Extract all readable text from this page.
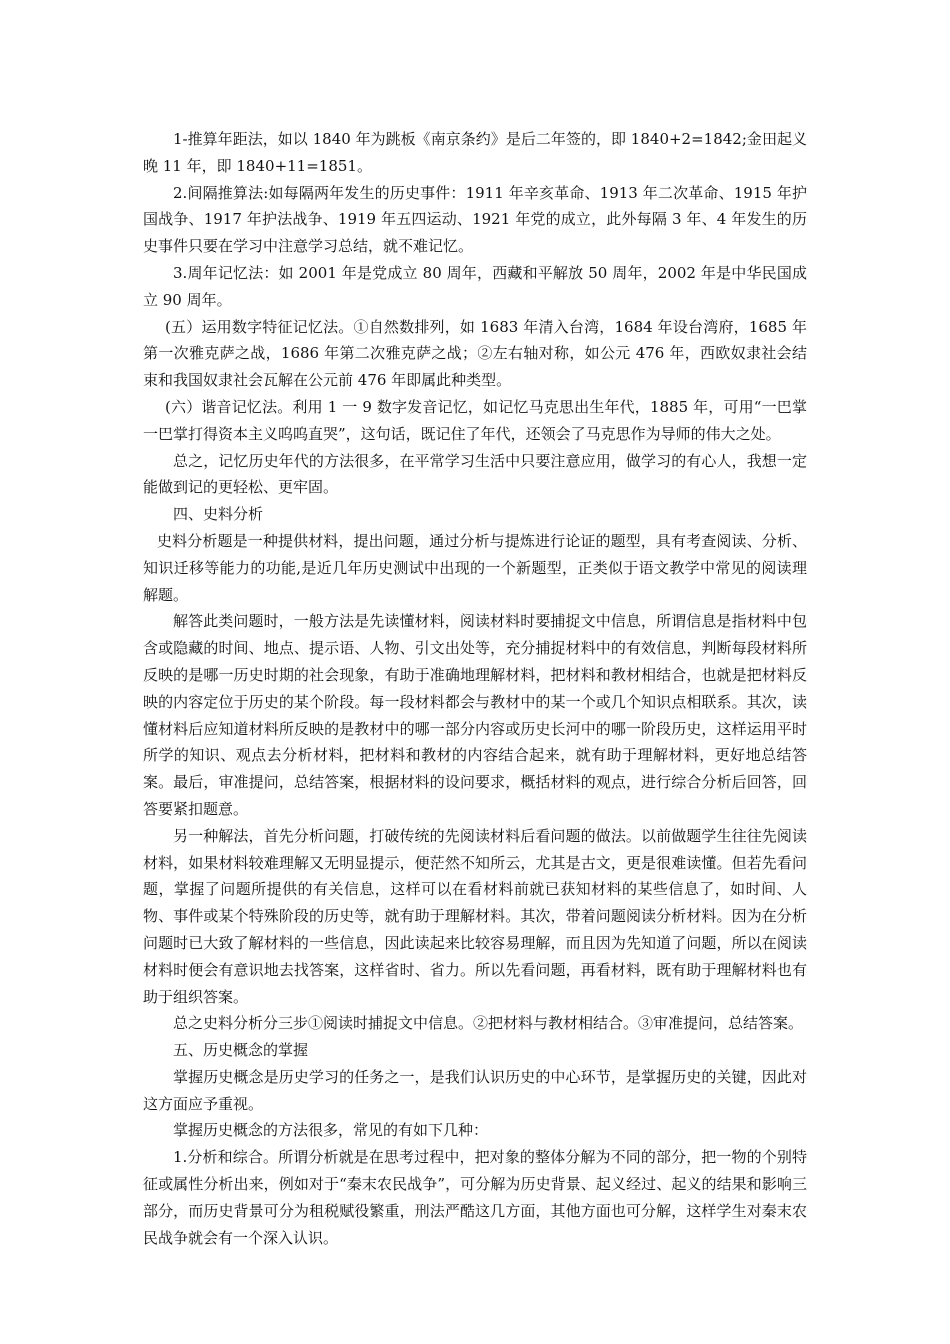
1-推算年距法，如以 1840 年为跳板《南京条约》是后二年签的，即 1840+2=1842;金田起义晚 11 年，即 1840+11=1851。

2.间隔推算法:如每隔两年发生的历史事件：1911 年辛亥革命、1913 年二次革命、1915 年护国战争、1917 年护法战争、1919 年五四运动、1921 年党的成立，此外每隔 3 年、4 年发生的历史事件只要在学习中注意学习总结，就不难记忆。

3.周年记忆法：如 2001 年是党成立 80 周年，西藏和平解放 50 周年，2002 年是中华民国成立 90 周年。

(五）运用数字特征记忆法。①自然数排列，如 1683 年清入台湾，1684 年设台湾府，1685 年第一次雅克萨之战，1686 年第二次雅克萨之战；②左右轴对称，如公元 476 年，西欧奴隶社会结束和我国奴隶社会瓦解在公元前 476 年即属此种类型。

(六）谐音记忆法。利用 1 一 9 数字发音记忆，如记忆马克思出生年代，1885 年，可用“一巴掌一巴掌打得资本主义呜呜直哭”，这句话，既记住了年代，还领会了马克思作为导师的伟大之处。

总之，记忆历史年代的方法很多，在平常学习生活中只要注意应用，做学习的有心人，我想一定能做到记的更轻松、更牢固。

四、史料分析

史料分析题是一种提供材料，提出问题，通过分析与提炼进行论证的题型，具有考查阅读、分析、知识迁移等能力的功能,是近几年历史测试中出现的一个新题型，正类似于语文教学中常见的阅读理解题。

解答此类问题时，一般方法是先读懂材料，阅读材料时要捕捉文中信息，所谓信息是指材料中包含或隐藏的时间、地点、提示语、人物、引文出处等，充分捕捉材料中的有效信息，判断每段材料所反映的是哪一历史时期的社会现象，有助于准确地理解材料，把材料和教材相结合，也就是把材料反映的内容定位于历史的某个阶段。每一段材料都会与教材中的某一个或几个知识点相联系。其次，读懂材料后应知道材料所反映的是教材中的哪一部分内容或历史长河中的哪一阶段历史，这样运用平时所学的知识、观点去分析材料，把材料和教材的内容结合起来，就有助于理解材料，更好地总结答案。最后，审准提问，总结答案，根据材料的设问要求，概括材料的观点，进行综合分析后回答，回答要紧扣题意。

另一种解法，首先分析问题，打破传统的先阅读材料后看问题的做法。以前做题学生往往先阅读材料，如果材料较难理解又无明显提示，便茫然不知所云，尤其是古文，更是很难读懂。但若先看问题，掌握了问题所提供的有关信息，这样可以在看材料前就已获知材料的某些信息了，如时间、人物、事件或某个特殊阶段的历史等，就有助于理解材料。其次，带着问题阅读分析材料。因为在分析问题时已大致了解材料的一些信息，因此读起来比较容易理解，而且因为先知道了问题，所以在阅读材料时便会有意识地去找答案，这样省时、省力。所以先看问题，再看材料，既有助于理解材料也有助于组织答案。

总之史料分析分三步①阅读时捕捉文中信息。②把材料与教材相结合。③审准提问，总结答案。

五、历史概念的掌握

掌握历史概念是历史学习的任务之一，是我们认识历史的中心环节，是掌握历史的关键，因此对这方面应予重视。

掌握历史概念的方法很多，常见的有如下几种：

1.分析和综合。所谓分析就是在思考过程中，把对象的整体分解为不同的部分，把一物的个别特征或属性分析出来，例如对于“秦末农民战争”，可分解为历史背景、起义经过、起义的结果和影响三部分，而历史背景可分为租税赋役繁重，刑法严酷这几方面，其他方面也可分解，这样学生对秦末农民战争就会有一个深入认识。
